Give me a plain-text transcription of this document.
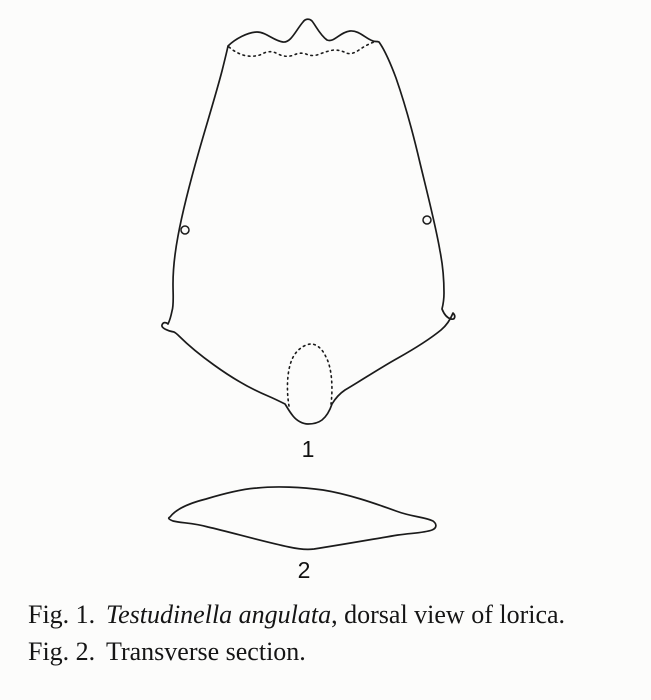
1
2
Fig. 1. Testudinella angulata, dorsal view of lorica.
Fig. 2. Transverse section.
